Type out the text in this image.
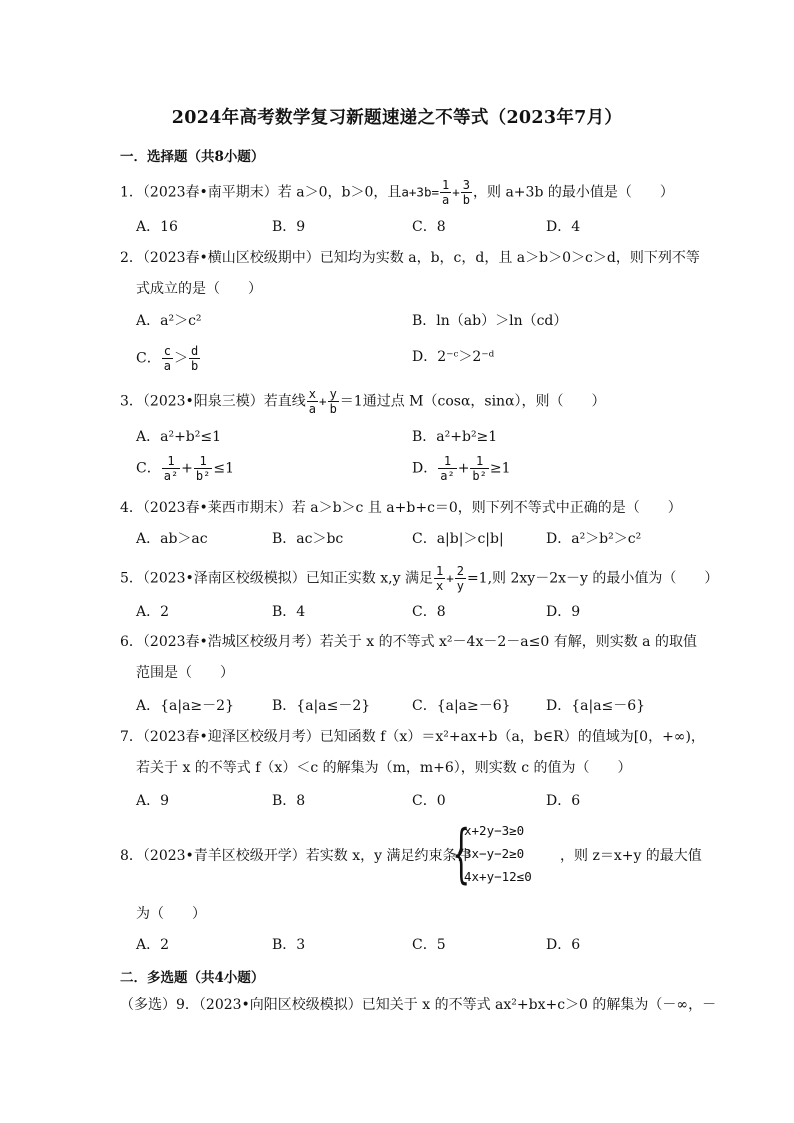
2024年高考数学复习新题速递之不等式（2023年7月）
一．选择题（共8小题）
1．（2023春•南平期末）若 a＞0，b＞0，且$a+3b= \frac{1}{a} + \frac{3}{b}$ ，则 a+3b 的最小值是（　　）
A．16	B．9	C．8	D．4
2．（2023春•横山区校级期中）已知均为实数 a，b，c，d，且 a＞b＞0＞c＞d，则下列不等
式成立的是（　　）
A．a²＞c²	B．ln（ab）＞ln（cd）
C． $\frac{c}{a} > \frac{d}{b}$	D．2⁻ᶜ＞2⁻ᵈ
3．（2023•阳泉三模）若直线 $\frac{x}{a} + \frac{y}{b} =1$通过点 M（cosα，sinα），则（　　）
A．a²+b²≤1	B．a²+b²≥1
C． $\frac{1}{\text{a²}} + \frac{1}{\text{b²}} \le 1$	D． $\frac{1}{\text{a²}} + \frac{1}{\text{b²}} \ge 1$
4．（2023春•莱西市期末）若 a＞b＞c 且 a+b+c＝0，则下列不等式中正确的是（　　）
A．ab＞ac	B．ac＞bc	C．a|b|＞c|b|	D．a²＞b²＞c²
5．（2023•泽南区校级模拟）已知正实数 x,y 满足 $\frac{1}{x} + \frac{2}{y} =1$,则 2xy－2x－y 的最小值为（　　）
A．2	B．4	C．8	D．9
6．（2023春•浩城区校级月考）若关于 x 的不等式 x²－4x－2－a≤0 有解，则实数 a 的取值
范围是（　　）
A．{a|a≥－2}	B．{a|a≤－2}	C．{a|a≥－6}	D．{a|a≤－6}
7．（2023春•迎泽区校级月考）已知函数 f（x）＝x²+ax+b（a，b∈R）的值域为[0，+∞)，
若关于 x 的不等式 f（x）＜c 的解集为（m，m+6），则实数 c 的值为（　　）
A．9	B．8	C．0	D．6
8．（2023•青羊区校级开学）若实数 x，y 满足约束条件
{
x+2y−3≥0
3x−y−2≥0
4x+y−12≤0
，则 z＝x+y 的最大值
为（　　）
A．2	B．3	C．5	D．6
二．多选题（共4小题）
（多选）9．（2023•向阳区校级模拟）已知关于 x 的不等式 ax²+bx+c＞0 的解集为（－∞，－
